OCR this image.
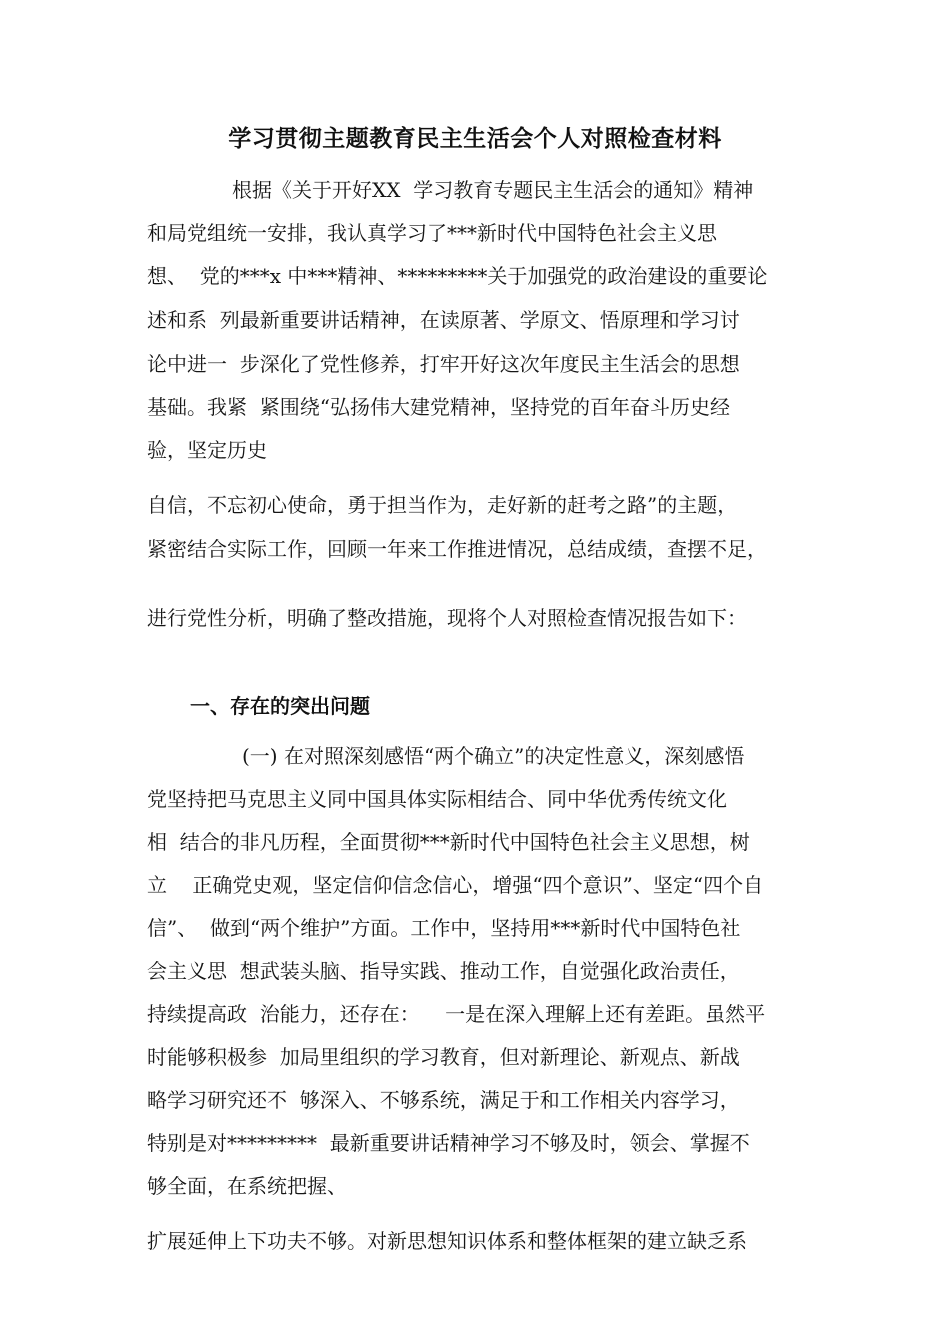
学习贯彻主题教育民主生活会个人对照检查材料
根据《关于开好XX  学习教育专题民主生活会的通知》精神
和局党组统一安排，我认真学习了***新时代中国特色社会主义思
想、  党的***x 中***精神、*********关于加强党的政治建设的重要论
述和系  列最新重要讲话精神，在读原著、学原文、悟原理和学习讨
论中进一  步深化了党性修养，打牢开好这次年度民主生活会的思想
基础。我紧  紧围绕“弘扬伟大建党精神，坚持党的百年奋斗历史经
验，坚定历史
自信，不忘初心使命，勇于担当作为，走好新的赶考之路”的主题，
紧密结合实际工作，回顾一年来工作推进情况，总结成绩，查摆不足，
进行党性分析，明确了整改措施，现将个人对照检查情况报告如下：
一、存在的突出问题
(一) 在对照深刻感悟“两个确立”的决定性意义，深刻感悟
党坚持把马克思主义同中国具体实际相结合、同中华优秀传统文化
相  结合的非凡历程，全面贯彻***新时代中国特色社会主义思想，树
立    正确党史观，坚定信仰信念信心，增强“四个意识”、坚定“四个自
信”、  做到“两个维护”方面。工作中，坚持用***新时代中国特色社
会主义思  想武装头脑、指导实践、推动工作，自觉强化政治责任，
持续提高政  治能力，还存在：    一是在深入理解上还有差距。虽然平
时能够积极参  加局里组织的学习教育，但对新理论、新观点、新战
略学习研究还不  够深入、不够系统，满足于和工作相关内容学习，
特别是对*********  最新重要讲话精神学习不够及时，领会、掌握不
够全面，在系统把握、
扩展延伸上下功夫不够。对新思想知识体系和整体框架的建立缺乏系
